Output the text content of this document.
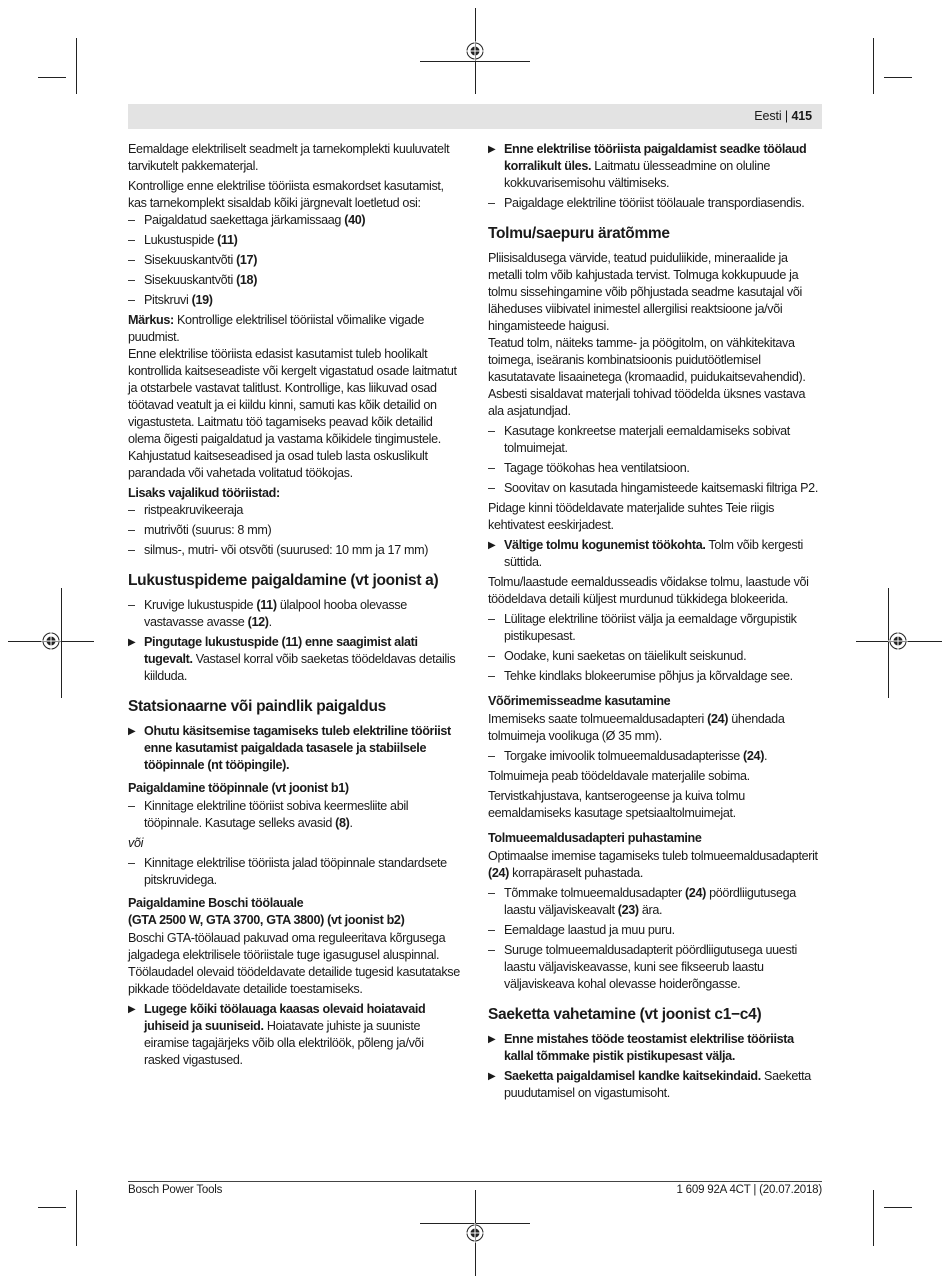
Eesti | 415

Eemaldage elektriliselt seadmelt ja tarnekomplekti kuuluvatelt tarvikutelt pakkematerjal.

Kontrollige enne elektrilise tööriista esmakordset kasutamist, kas tarnekomplekt sisaldab kõiki järgnevalt loetletud osi:

– Paigaldatud saekettaga järkamissaag (40)
– Lukustuspide (11)
– Sisekuuskantvõti (17)
– Sisekuuskantvõti (18)
– Pitskruvi (19)

Märkus: Kontrollige elektrilisel tööriistal võimalike vigade puudmist.

Enne elektrilise tööriista edasist kasutamist tuleb hoolikalt kontrollida kaitseseadiste või kergelt vigastatud osade laitmatut ja otstarbele vastavat talitlust. Kontrollige, kas liikuvad osad töötavad veatult ja ei kiildu kinni, samuti kas kõik detailid on vigastusteta. Laitmatu töö tagamiseks peavad kõik detailid olema õigesti paigaldatud ja vastama kõikidele tingimustele.

Kahjustatud kaitseseadised ja osad tuleb lasta oskuslikult parandada või vahetada volitatud töökojas.

Lisaks vajalikud tööriistad:

– ristpeakruvikeeraja
– mutrivõti (suurus: 8 mm)
– silmus-, mutri- või otsvõti (suurused: 10 mm ja 17 mm)
Lukustuspideme paigaldamine (vt joonist a)
– Kruvige lukustuspide (11) ülalpool hooba olevasse vastavasse avasse (12).
▶ Pingutage lukustuspide (11) enne saagimist alati tugevalt. Vastasel korral võib saeketas töödeldavas detailis kiilduda.
Statsionaarne või paindlik paigaldus
▶ Ohutu käsitsemise tagamiseks tuleb elektriline tööriist enne kasutamist paigaldada tasasele ja stabiilsele tööpinnale (nt tööpingile).
Paigaldamine tööpinnale (vt joonist b1)
– Kinnitage elektriline tööriist sobiva keermesliite abil tööpinnale. Kasutage selleks avasid (8).

või

– Kinnitage elektrilise tööriista jalad tööpinnale standardsete pitskruvidega.
Paigaldamine Boschi töölauale
(GTA 2500 W, GTA 3700, GTA 3800) (vt joonist b2)

Boschi GTA-töölauad pakuvad oma reguleeritava kõrgusega jalgadega elektrilisele tööriistale tuge igasugusel aluspinnal. Töölaudadel olevaid töödeldavate detailide tugesid kasutatakse pikkade töödeldavate detailide toestamiseks.

▶ Lugege kõiki töölauaga kaasas olevaid hoiatavaid juhiseid ja suuniseid. Hoiatavate juhiste ja suuniste eiramise tagajärjeks võib olla elektrilöök, põleng ja/või rasked vigastused.
▶ Enne elektrilise tööriista paigaldamist seadke töölaud korralikult üles. Laitmatu ülesseadmine on oluline kokkuvarisemisohu vältimiseks.
– Paigaldage elektriline tööriist töölauale transpordiasendis.
Tolmu/saepuru äratõmme

Pliisisaldusega värvide, teatud puiduliikide, mineraalide ja metalli tolm võib kahjustada tervist. Tolmuga kokkupuude ja tolmu sissehingamine võib põhjustada seadme kasutajal või läheduses viibivatel inimestel allergilisi reaktsioone ja/või hingamisteede haigusi.

Teatud tolm, näiteks tamme- ja pöögitolm, on vähkitekitava toimega, iseäranis kombinatsioonis puidutöötlemisel kasutatavate lisaainetega (kromaadid, puidukaitsevahendid). Asbesti sisaldavat materjali tohivad töödelda üksnes vastava ala asjatundjad.

– Kasutage konkreetse materjali eemaldamiseks sobivat tolmuimejat.
– Tagage töökohas hea ventilatsioon.
– Soovitav on kasutada hingamisteede kaitsemaski filtriga P2.

Pidage kinni töödeldavate materjalide suhtes Teie riigis kehtivatest eeskirjadest.

▶ Vältige tolmu kogunemist töökohta. Tolm võib kergesti süttida.

Tolmu/laastude eemaldusseadis võidakse tolmu, laastude või töödeldava detaili küljest murdunud tükkidega blokeerida.

– Lülitage elektriline tööriist välja ja eemaldage võrgupistik pistikupesast.
– Oodake, kuni saeketas on täielikult seiskunud.
– Tehke kindlaks blokeerumise põhjus ja kõrvaldage see.
Võõrimemisseadme kasutamine

Imemiseks saate tolmueemaldusadapteri (24) ühendada tolmuimeja voolikuga (Ø 35 mm).

– Torgake imivoolik tolmueemaldusadapterisse (24).

Tolmuimeja peab töödeldavale materjalile sobima.

Tervistkahjustava, kantserogeense ja kuiva tolmu eemaldamiseks kasutage spetsiaaltolmuimejat.

Tolmueemaldusadapteri puhastamine

Optimaalse imemise tagamiseks tuleb tolmueemaldusadapterit (24) korrapäraselt puhastada.

– Tõmmake tolmueemaldusadapter (24) pöördliigutusega laastu väljaviskeavalt (23) ära.
– Eemaldage laastud ja muu puru.
– Suruge tolmueemaldusadapterit pöördliigutusega uuesti laastu väljaviskeavasse, kuni see fikseerub laastu väljaviskeava kohal olevasse hoiderõngasse.
Saeketta vahetamine (vt joonist c1−c4)
▶ Enne mistahes tööde teostamist elektrilise tööriista kallal tõmmake pistik pistikupesast välja.
▶ Saeketta paigaldamisel kandke kaitsekindaid. Saeketta puudutamisel on vigastumisoht.
Bosch Power Tools	1 609 92A 4CT | (20.07.2018)
